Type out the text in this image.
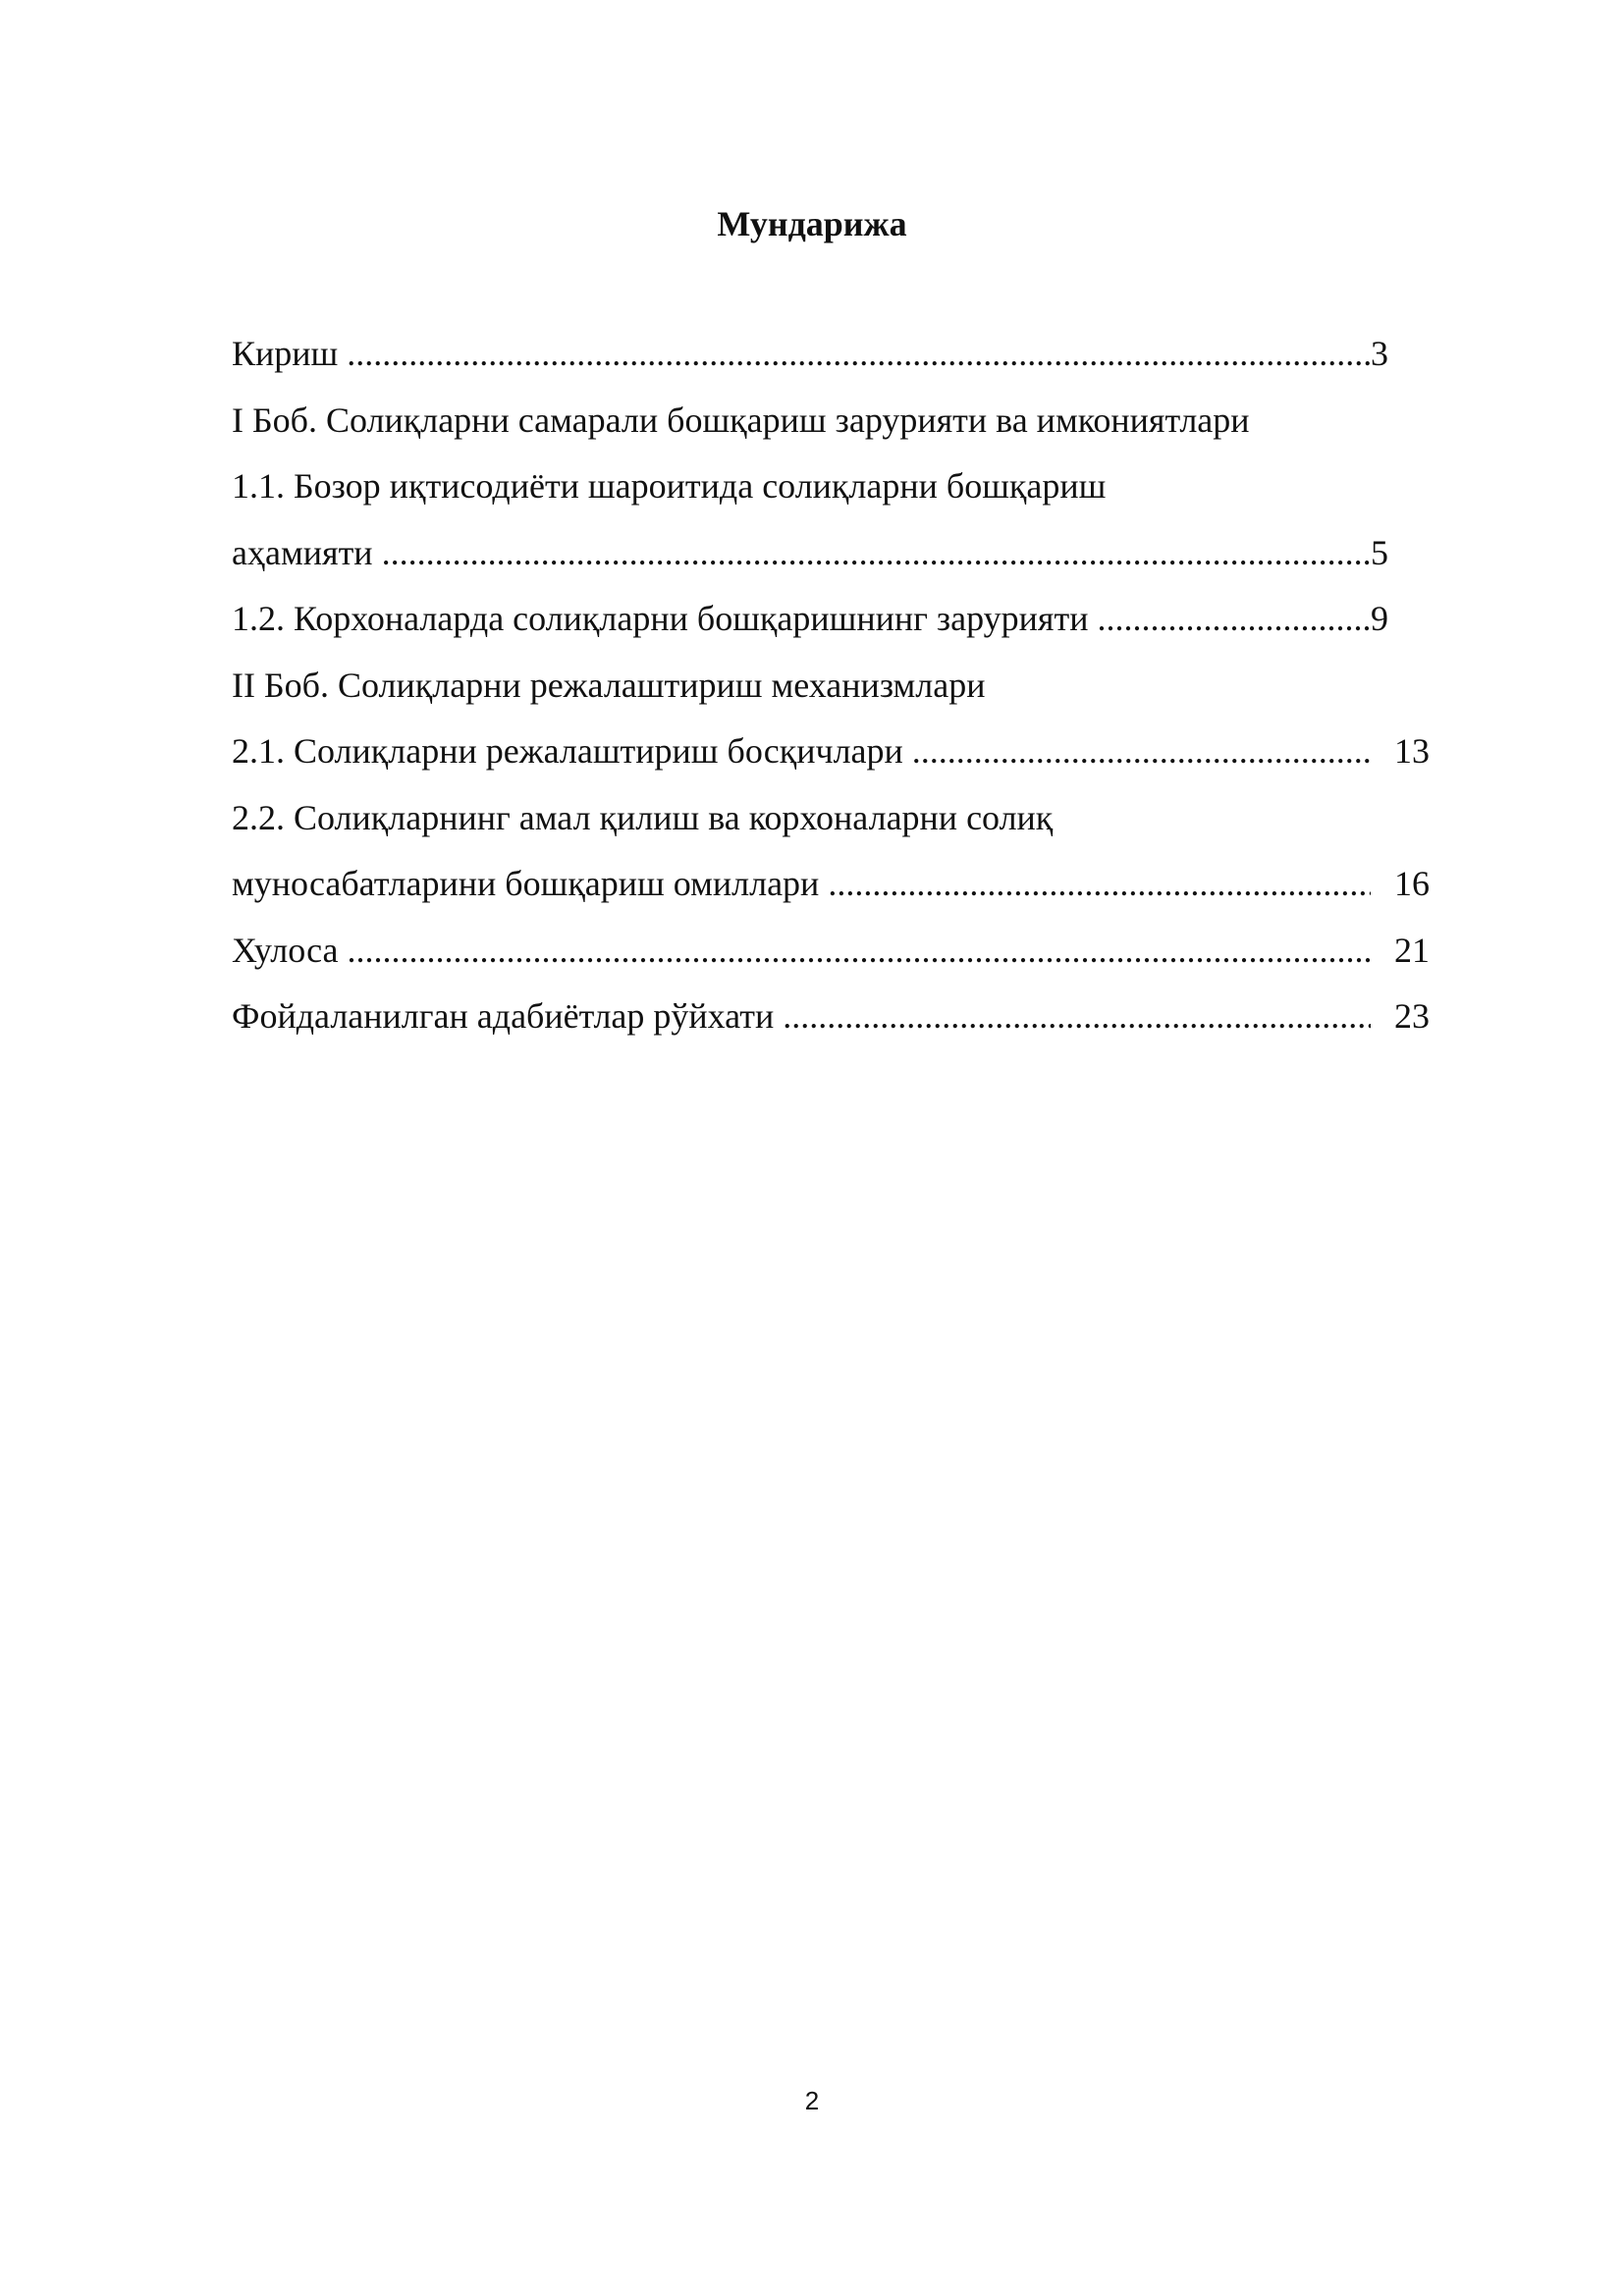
Мундарижа
Кириш .....	3
І Боб. Солиқларни самарали бошқариш зарурияти ва имкониятлари
1.1. Бозор иқтисодиёти шароитида солиқларни бошқариш
аҳамияти .....	5
1.2. Корхоналарда солиқларни бошқаришнинг зарурияти .....	9
ІІ Боб. Солиқларни режалаштириш механизмлари
2.1. Солиқларни режалаштириш босқичлари .....	13
2.2. Солиқларнинг амал қилиш ва корхоналарни солиқ
муносабатларини бошқариш омиллари .....	16
Хулоса .....	21
Фойдаланилган адабиётлар рўйхати .....	23
2
